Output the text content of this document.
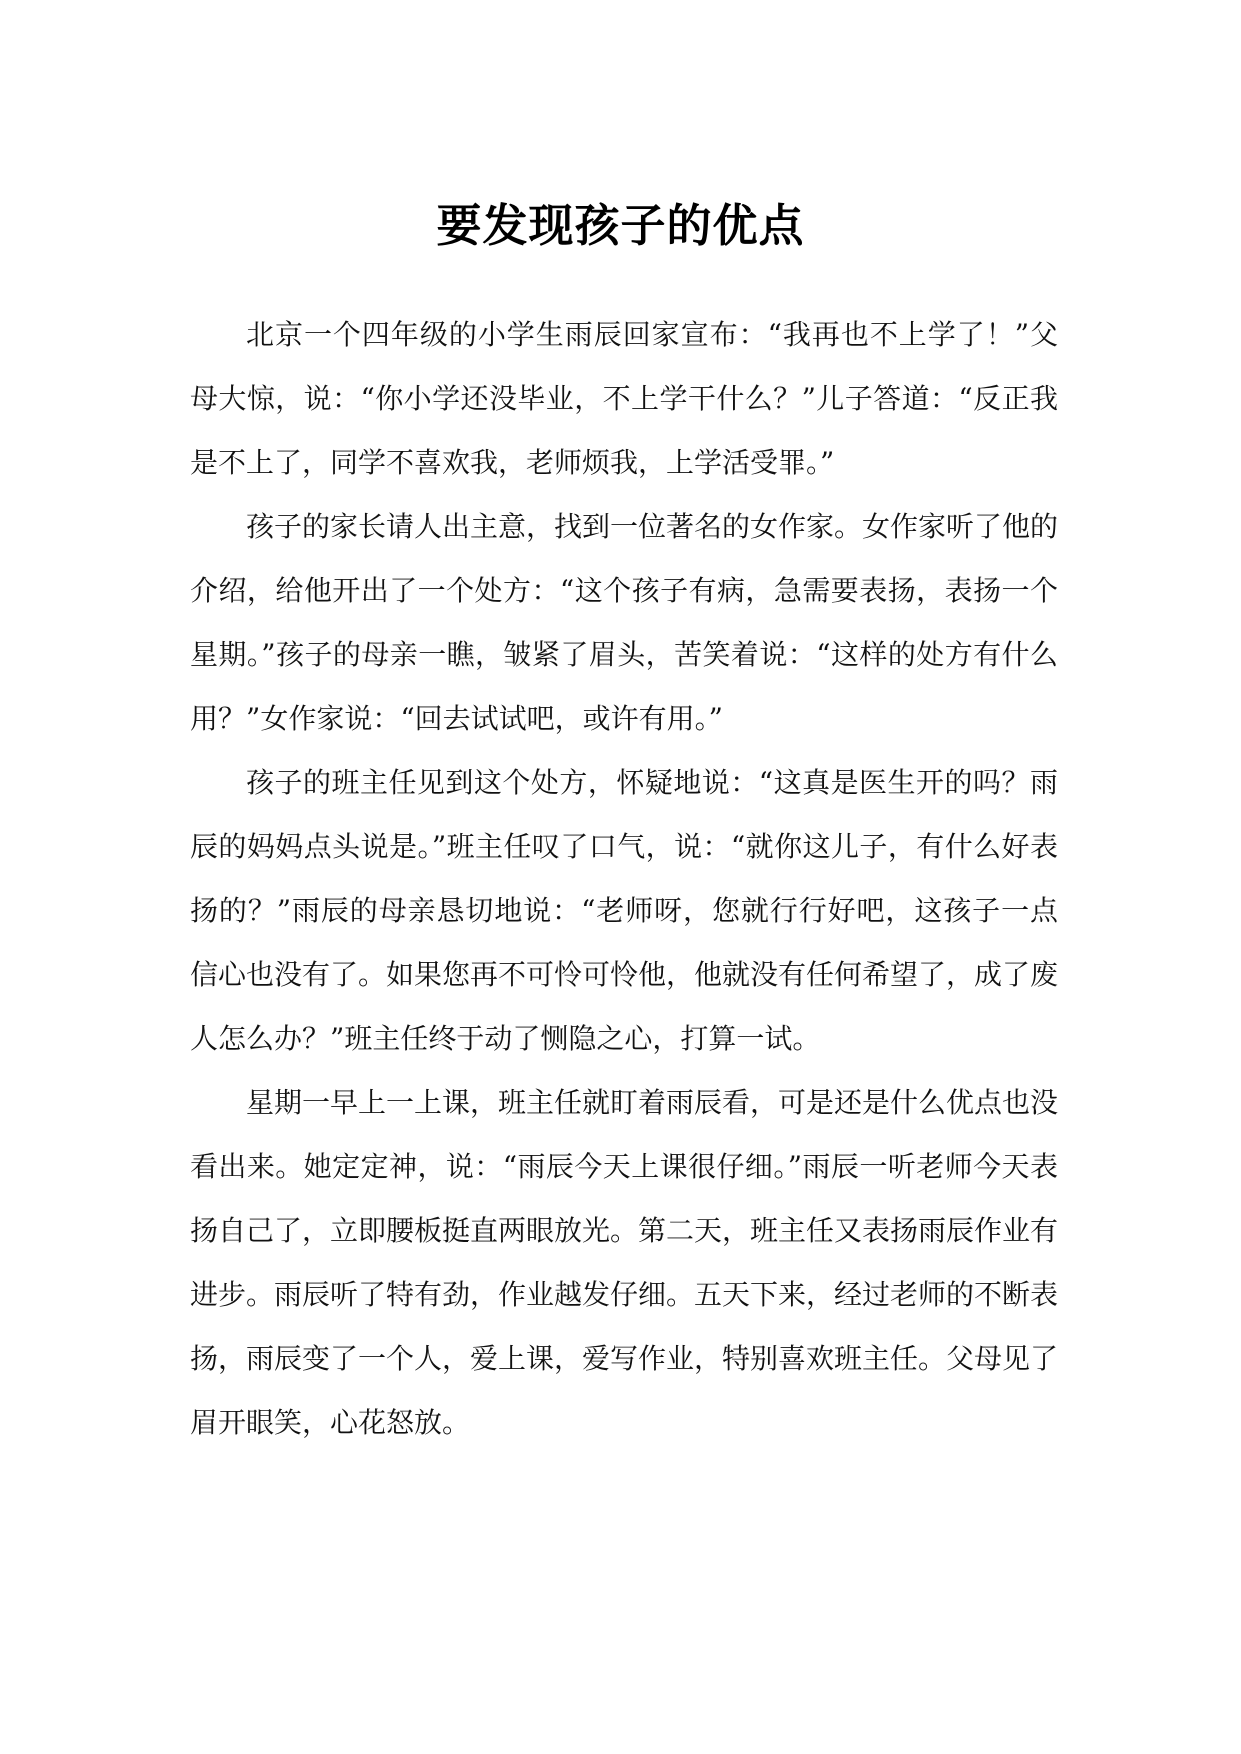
要发现孩子的优点

北京一个四年级的小学生雨辰回家宣布：“我再也不上学了！”父母大惊，说：“你小学还没毕业，不上学干什么？”儿子答道：“反正我是不上了，同学不喜欢我，老师烦我，上学活受罪。”

孩子的家长请人出主意，找到一位著名的女作家。女作家听了他的介绍，给他开出了一个处方：“这个孩子有病，急需要表扬，表扬一个星期。”孩子的母亲一瞧，皱紧了眉头，苦笑着说：“这样的处方有什么用？”女作家说：“回去试试吧，或许有用。”

孩子的班主任见到这个处方，怀疑地说：“这真是医生开的吗？雨辰的妈妈点头说是。”班主任叹了口气，说：“就你这儿子，有什么好表扬的？”雨辰的母亲恳切地说：“老师呀，您就行行好吧，这孩子一点信心也没有了。如果您再不可怜可怜他，他就没有任何希望了，成了废人怎么办？”班主任终于动了恻隐之心，打算一试。

星期一早上一上课，班主任就盯着雨辰看，可是还是什么优点也没看出来。她定定神，说：“雨辰今天上课很仔细。”雨辰一听老师今天表扬自己了，立即腰板挺直两眼放光。第二天，班主任又表扬雨辰作业有进步。雨辰听了特有劲，作业越发仔细。五天下来，经过老师的不断表扬，雨辰变了一个人，爱上课，爱写作业，特别喜欢班主任。父母见了眉开眼笑，心花怒放。
